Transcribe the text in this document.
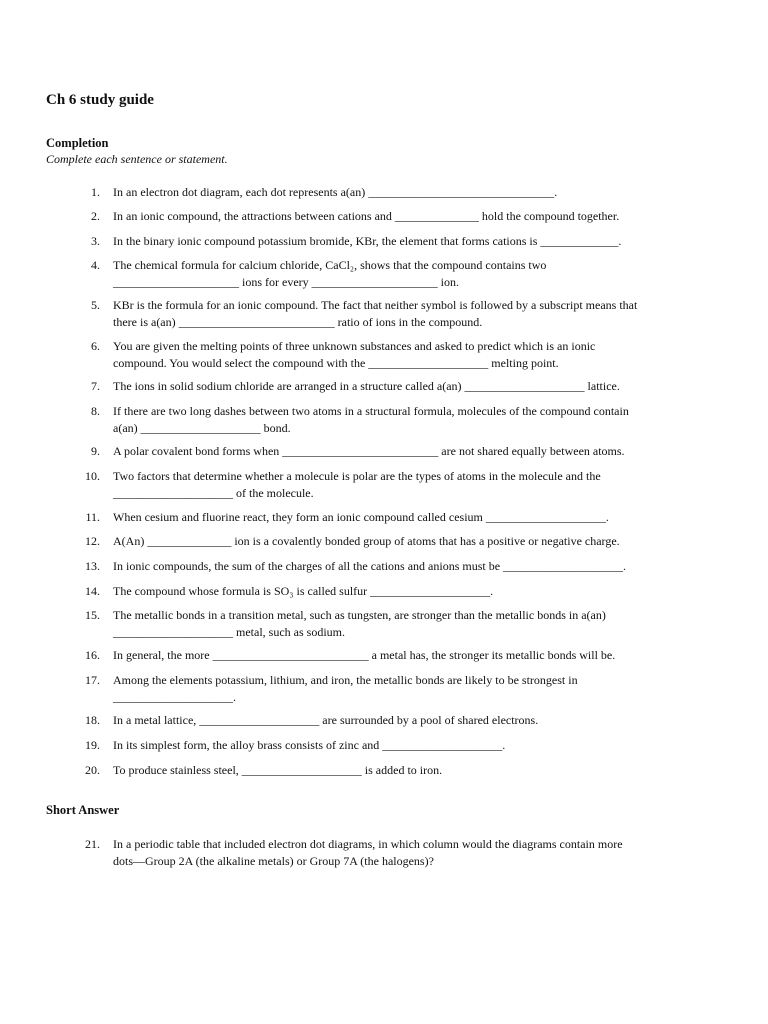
Ch 6 study guide
Completion

Complete each sentence or statement.

1. In an electron dot diagram, each dot represents a(an) _______________________________.
2. In an ionic compound, the attractions between cations and ______________ hold the compound together.
3. In the binary ionic compound potassium bromide, KBr, the element that forms cations is _____________.
4. The chemical formula for calcium chloride, CaCl₂, shows that the compound contains two
_____________________ ions for every _____________________ ion.
5. KBr is the formula for an ionic compound. The fact that neither symbol is followed by a subscript means that
there is a(an) __________________________ ratio of ions in the compound.
6. You are given the melting points of three unknown substances and asked to predict which is an ionic
compound. You would select the compound with the ____________________ melting point.
7. The ions in solid sodium chloride are arranged in a structure called a(an) ____________________ lattice.
8. If there are two long dashes between two atoms in a structural formula, molecules of the compound contain
a(an) ____________________ bond.
9. A polar covalent bond forms when __________________________ are not shared equally between atoms.
10. Two factors that determine whether a molecule is polar are the types of atoms in the molecule and the
____________________ of the molecule.
11. When cesium and fluorine react, they form an ionic compound called cesium ____________________.
12. A(An) ______________ ion is a covalently bonded group of atoms that has a positive or negative charge.
13. In ionic compounds, the sum of the charges of all the cations and anions must be ____________________.
14. The compound whose formula is SO₃ is called sulfur ____________________.
15. The metallic bonds in a transition metal, such as tungsten, are stronger than the metallic bonds in a(an)
____________________ metal, such as sodium.
16. In general, the more __________________________ a metal has, the stronger its metallic bonds will be.
17. Among the elements potassium, lithium, and iron, the metallic bonds are likely to be strongest in
____________________.
18. In a metal lattice, ____________________ are surrounded by a pool of shared electrons.
19. In its simplest form, the alloy brass consists of zinc and ____________________.
20. To produce stainless steel, ____________________ is added to iron.
Short Answer
21. In a periodic table that included electron dot diagrams, in which column would the diagrams contain more
dots—Group 2A (the alkaline metals) or Group 7A (the halogens)?
